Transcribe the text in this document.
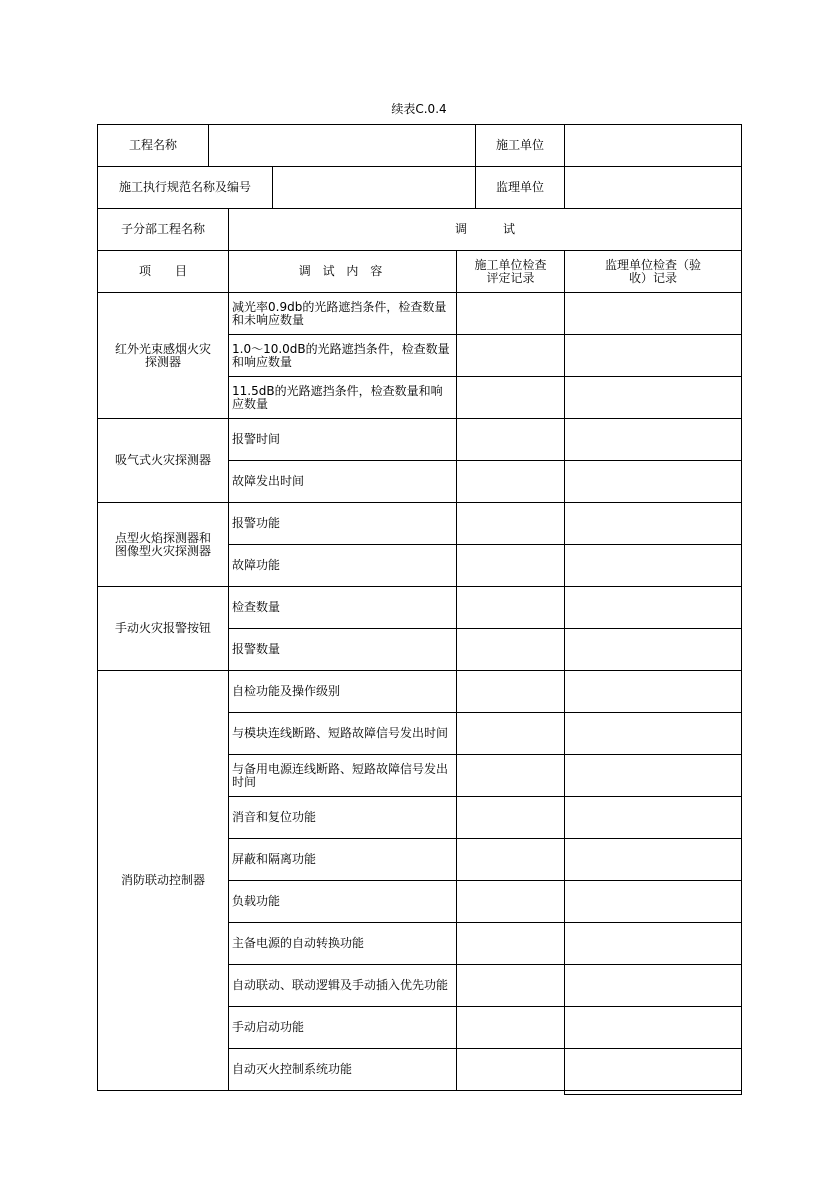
续表C.0.4
工程名称					施工单位	
施工执行规范名称及编号					监理单位	
子分部工程名称		调　　　试				
项　　目		调 试 内 容		施工单位检查评定记录		监理单位检查（验收）记录
红外光束感烟火灾探测器		减光率0.9db的光路遮挡条件，检查数量和未响应数量				
		1.0～10.0dB的光路遮挡条件，检查数量和响应数量				
		11.5dB的光路遮挡条件，检查数量和响应数量				
吸气式火灾探测器		报警时间				
		故障发出时间				
点型火焰探测器和图像型火灾探测器		报警功能				
		故障功能				
手动火灾报警按钮		检查数量				
		报警数量				
消防联动控制器		自检功能及操作级别				
		与模块连线断路、短路故障信号发出时间				
		与备用电源连线断路、短路故障信号发出时间				
		消音和复位功能				
		屏蔽和隔离功能				
		负载功能				
		主备电源的自动转换功能				
		自动联动、联动逻辑及手动插入优先功能				
		手动启动功能				
		自动灭火控制系统功能				
